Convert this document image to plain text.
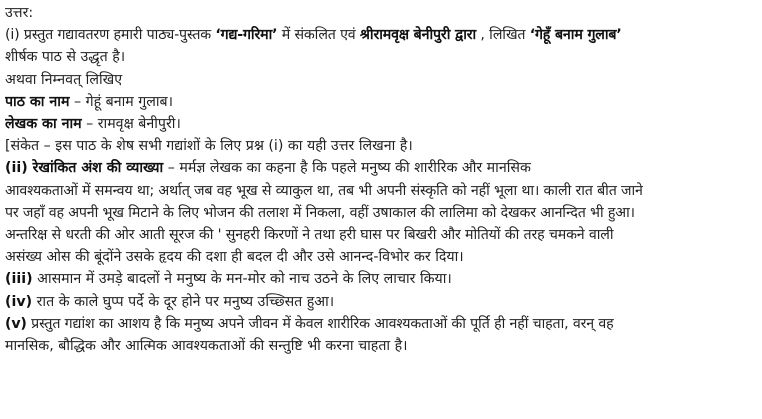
उत्तर:
(i) प्रस्तुत गद्यावतरण हमारी पाठ्य-पुस्तक ‘गद्य-गरिमा’ में संकलित एवं श्रीरामवृक्ष बेनीपुरी द्वारा , लिखित ‘गेहूँ बनाम गुलाब’
शीर्षक पाठ से उद्धृत है।
अथवा निम्नवत् लिखिए
पाठ का नाम – गेहूं बनाम गुलाब।
लेखक का नाम – रामवृक्ष बेनीपुरी।
[संकेत – इस पाठ के शेष सभी गद्यांशों के लिए प्रश्न (i) का यही उत्तर लिखना है।
(ii) रेखांकित अंश की व्याख्या – मर्मज्ञ लेखक का कहना है कि पहले मनुष्य की शारीरिक और मानसिक
आवश्यकताओं में समन्वय था; अर्थात् जब वह भूख से व्याकुल था, तब भी अपनी संस्कृति को नहीं भूला था। काली रात बीत जाने
पर जहाँ वह अपनी भूख मिटाने के लिए भोजन की तलाश में निकला, वहीं उषाकाल की लालिमा को देखकर आनन्दित भी हुआ।
अन्तरिक्ष से धरती की ओर आती सूरज की ' सुनहरी किरणों ने तथा हरी घास पर बिखरी और मोतियों की तरह चमकने वाली
असंख्य ओस की बूंदोंने उसके हृदय की दशा ही बदल दी और उसे आनन्द-विभोर कर दिया।
(iii) आसमान में उमड़े बादलों ने मनुष्य के मन-मोर को नाच उठने के लिए लाचार किया।
(iv) रात के काले घुप्प पर्दे के दूर होने पर मनुष्य उच्छ्सित हुआ।
(v) प्रस्तुत गद्यांश का आशय है कि मनुष्य अपने जीवन में केवल शारीरिक आवश्यकताओं की पूर्ति ही नहीं चाहता, वरन् वह
मानसिक, बौद्धिक और आत्मिक आवश्यकताओं की सन्तुष्टि भी करना चाहता है।
